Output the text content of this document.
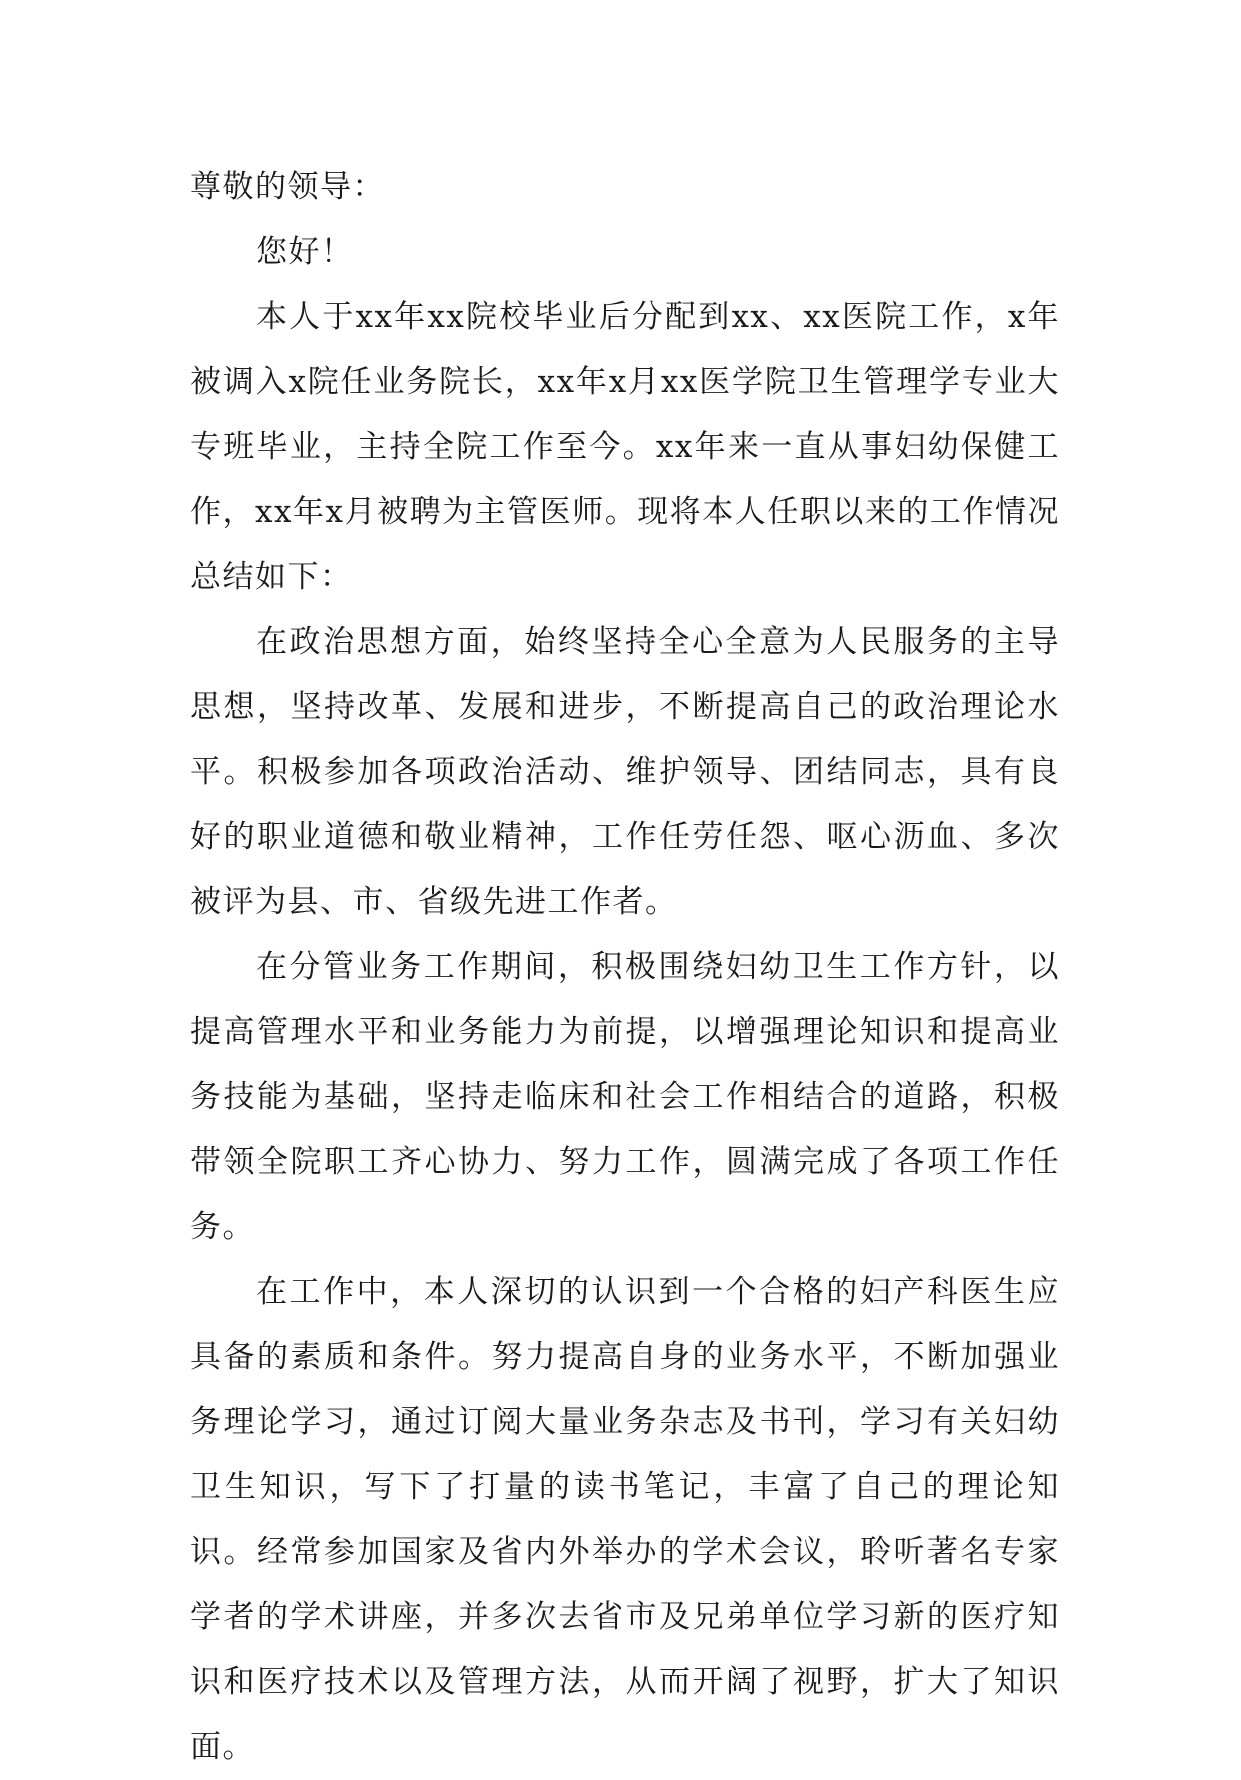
尊敬的领导：

您好！

本人于xx年xx院校毕业后分配到xx、xx医院工作，x年被调入x院任业务院长，xx年x月xx医学院卫生管理学专业大专班毕业，主持全院工作至今。xx年来一直从事妇幼保健工作，xx年x月被聘为主管医师。现将本人任职以来的工作情况总结如下：

在政治思想方面，始终坚持全心全意为人民服务的主导思想，坚持改革、发展和进步，不断提高自己的政治理论水平。积极参加各项政治活动、维护领导、团结同志，具有良好的职业道德和敬业精神，工作任劳任怨、呕心沥血、多次被评为县、市、省级先进工作者。

在分管业务工作期间，积极围绕妇幼卫生工作方针，以提高管理水平和业务能力为前提，以增强理论知识和提高业务技能为基础，坚持走临床和社会工作相结合的道路，积极带领全院职工齐心协力、努力工作，圆满完成了各项工作任务。

在工作中，本人深切的认识到一个合格的妇产科医生应具备的素质和条件。努力提高自身的业务水平，不断加强业务理论学习，通过订阅大量业务杂志及书刊，学习有关妇幼卫生知识，写下了打量的读书笔记，丰富了自己的理论知识。经常参加国家及省内外举办的学术会议，聆听著名专家学者的学术讲座，并多次去省市及兄弟单位学习新的医疗知识和医疗技术以及管理方法，从而开阔了视野，扩大了知识面。
